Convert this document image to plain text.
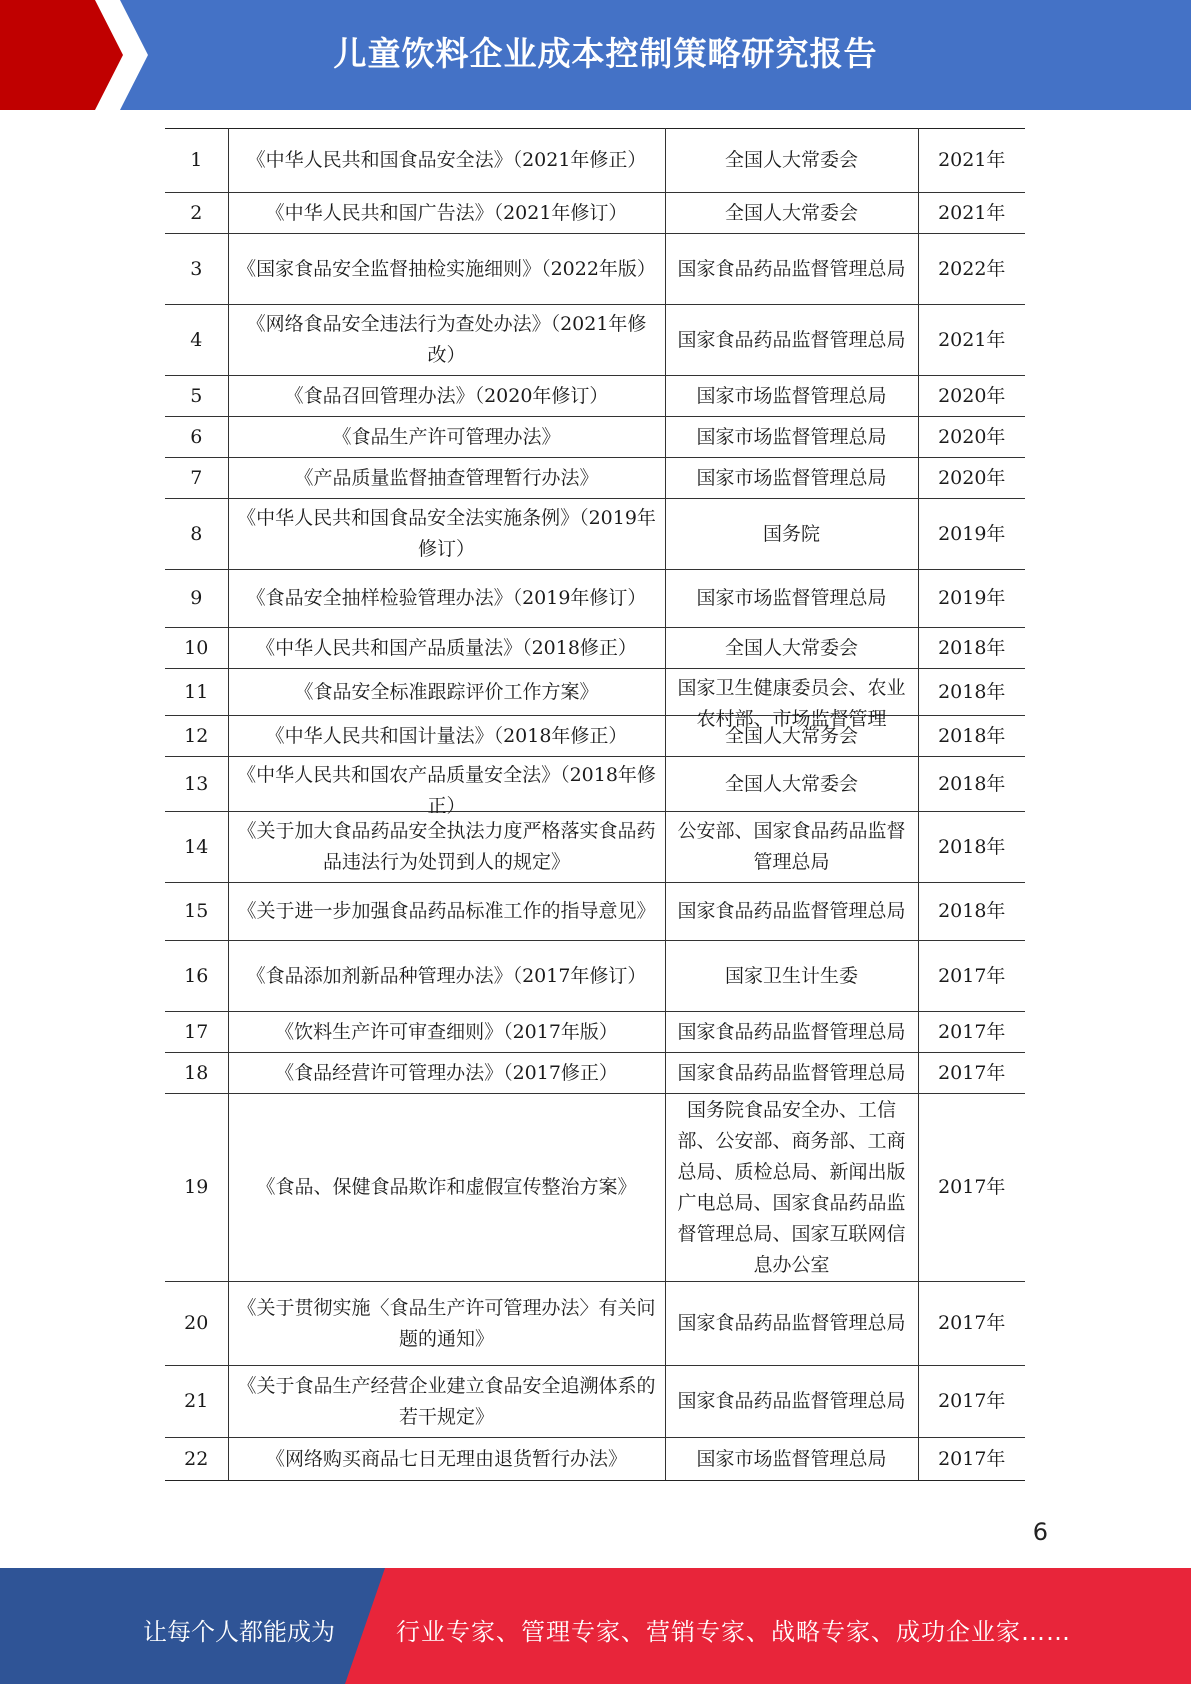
儿童饮料企业成本控制策略研究报告
1	《中华人民共和国食品安全法》（2021年修正）	全国人大常委会	2021年

2	《中华人民共和国广告法》（2021年修订）	全国人大常委会	2021年

3	《国家食品安全监督抽检实施细则》（2022年版）	国家食品药品监督管理总局	2022年

4	《网络食品安全违法行为查处办法》（2021年修改）	国家食品药品监督管理总局	2021年

5	《食品召回管理办法》（2020年修订）	国家市场监督管理总局	2020年

6	《食品生产许可管理办法》	国家市场监督管理总局	2020年

7	《产品质量监督抽查管理暂行办法》	国家市场监督管理总局	2020年

8	《中华人民共和国食品安全法实施条例》（2019年修订）	国务院	2019年

9	《食品安全抽样检验管理办法》（2019年修订）	国家市场监督管理总局	2019年

10	《中华人民共和国产品质量法》（2018修正）	全国人大常委会	2018年

11	《食品安全标准跟踪评价工作方案》	国家卫生健康委员会、农业农村部、市场监督管理	2018年

12	《中华人民共和国计量法》（2018年修正）	全国人大常务会	2018年

13	《中华人民共和国农产品质量安全法》（2018年修正）	全国人大常委会	2018年

14	《关于加大食品药品安全执法力度严格落实食品药品违法行为处罚到人的规定》	公安部、国家食品药品监督管理总局	2018年

15	《关于进一步加强食品药品标准工作的指导意见》	国家食品药品监督管理总局	2018年

16	《食品添加剂新品种管理办法》（2017年修订）	国家卫生计生委	2017年

17	《饮料生产许可审查细则》（2017年版）	国家食品药品监督管理总局	2017年

18	《食品经营许可管理办法》（2017修正）	国家食品药品监督管理总局	2017年

19	《食品、保健食品欺诈和虚假宣传整治方案》	国务院食品安全办、工信部、公安部、商务部、工商总局、质检总局、新闻出版广电总局、国家食品药品监督管理总局、国家互联网信息办公室	2017年

20	《关于贯彻实施〈食品生产许可管理办法〉有关问题的通知》	国家食品药品监督管理总局	2017年

21	《关于食品生产经营企业建立食品安全追溯体系的若干规定》	国家食品药品监督管理总局	2017年

22	《网络购买商品七日无理由退货暂行办法》	国家市场监督管理总局	2017年
6
让每个人都能成为	行业专家、管理专家、营销专家、战略专家、成功企业家……
